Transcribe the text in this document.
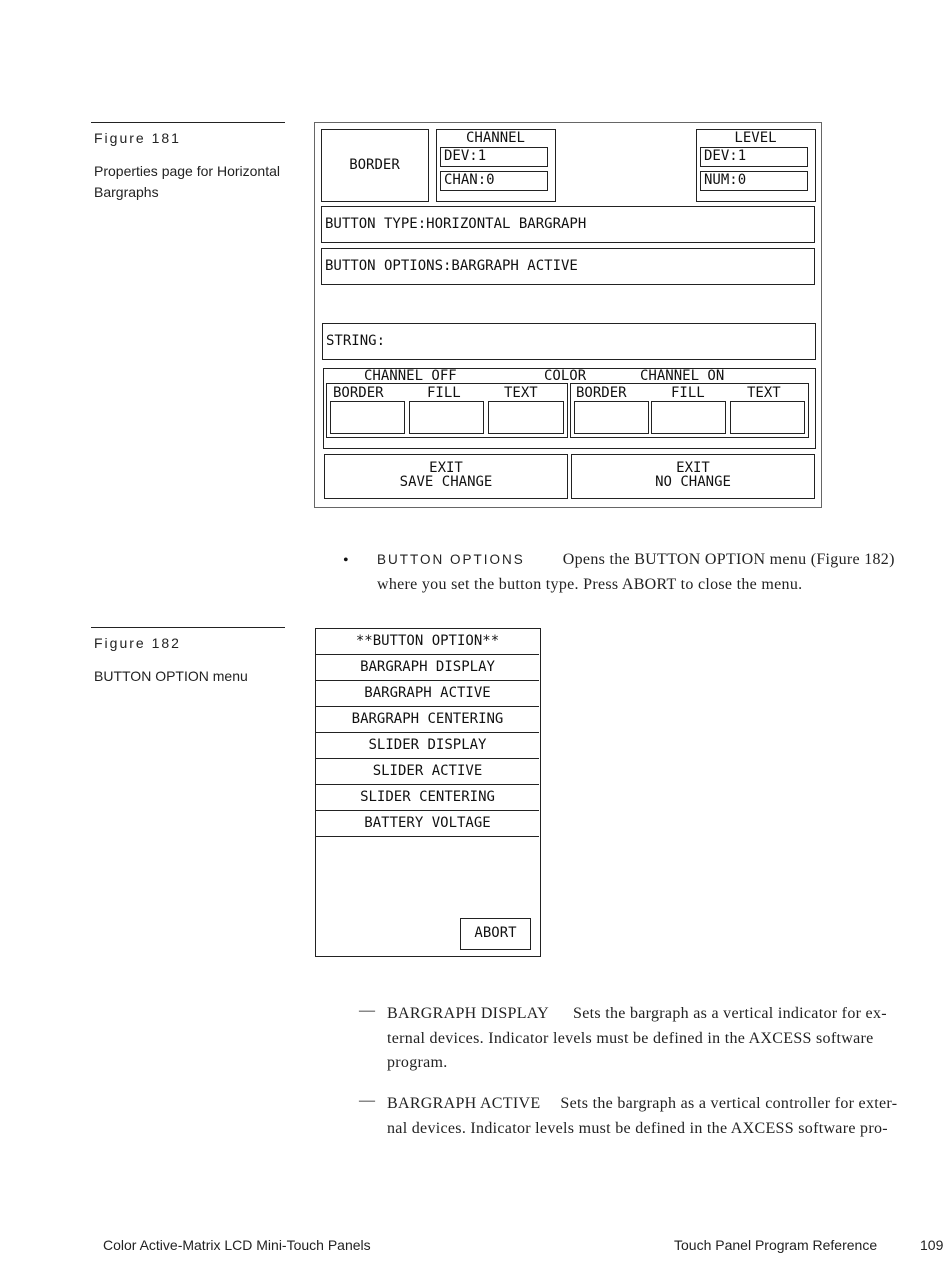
Figure 181
Properties page for Horizontal Bargraphs
BORDER
CHANNEL
DEV:1
CHAN:0
LEVEL
DEV:1
NUM:0
BUTTON TYPE:HORIZONTAL BARGRAPH
BUTTON OPTIONS:BARGRAPH ACTIVE
STRING:
CHANNEL OFF	COLOR	CHANNEL ON
BORDER	FILL	TEXT	BORDER	FILL	TEXT
EXIT
SAVE CHANGE
EXIT
NO CHANGE
• BUTTON OPTIONS Opens the BUTTON OPTION menu (Figure 182)
where you set the button type. Press ABORT to close the menu.
Figure 182
BUTTON OPTION menu
**BUTTON OPTION**
BARGRAPH DISPLAY
BARGRAPH ACTIVE
BARGRAPH CENTERING
SLIDER DISPLAY
SLIDER ACTIVE
SLIDER CENTERING
BATTERY VOLTAGE
ABORT
— BARGRAPH DISPLAY Sets the bargraph as a vertical indicator for ex-
ternal devices. Indicator levels must be defined in the AXCESS software
program.
— BARGRAPH ACTIVE Sets the bargraph as a vertical controller for exter-
nal devices. Indicator levels must be defined in the AXCESS software pro-
Color Active-Matrix LCD Mini-Touch Panels	Touch Panel Program Reference	109
